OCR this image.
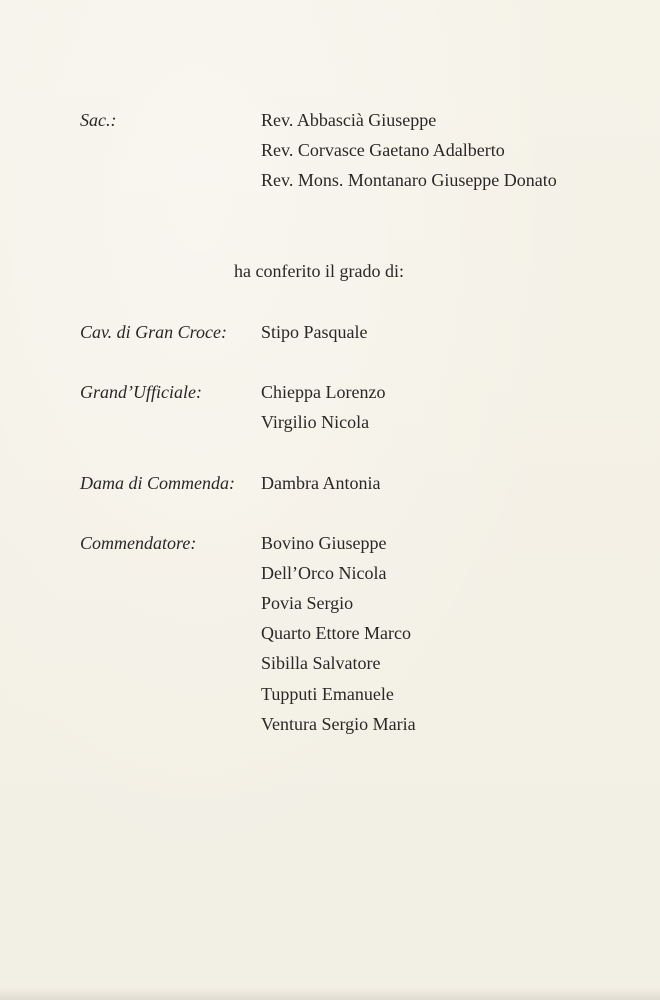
Sac.:	Rev. Abbascià Giuseppe
Rev. Corvasce Gaetano Adalberto
Rev. Mons. Montanaro Giuseppe Donato
ha conferito il grado di:
Cav. di Gran Croce: Stipo Pasquale
Grand’Ufficiale:	Chieppa Lorenzo
Virgilio Nicola
Dama di Commenda: Dambra Antonia
Commendatore:	Bovino Giuseppe
Dell’Orco Nicola
Povia Sergio
Quarto Ettore Marco
Sibilla Salvatore
Tupputi Emanuele
Ventura Sergio Maria
